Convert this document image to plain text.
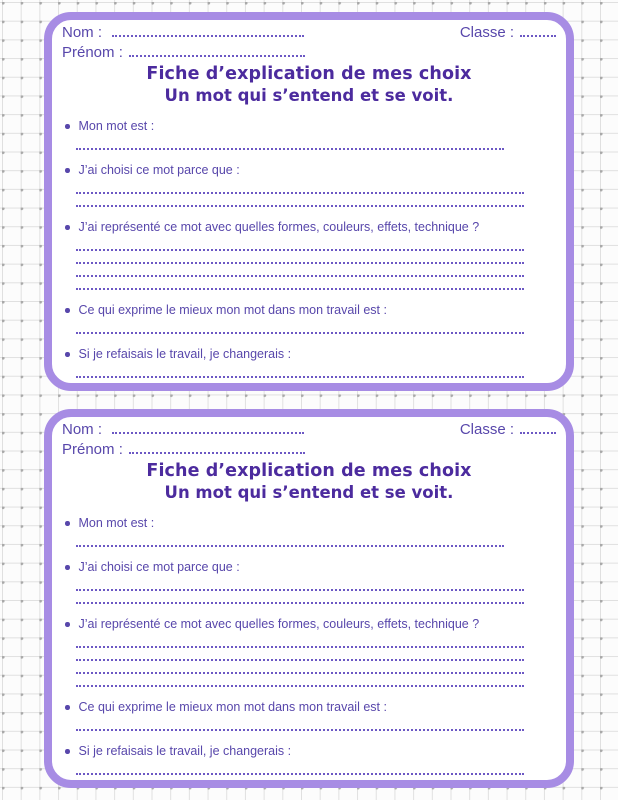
Nom :	Classe :
Prénom :
Fiche d’explication de mes choix
Un mot qui s’entend et se voit.
Mon mot est :
J’ai choisi ce mot parce que :
J’ai représenté ce mot avec quelles formes, couleurs, effets, technique ?
Ce qui exprime le mieux mon mot dans mon travail est :
Si je refaisais le travail, je changerais :
Nom :	Classe :
Prénom :
Fiche d’explication de mes choix
Un mot qui s’entend et se voit.
Mon mot est :
J’ai choisi ce mot parce que :
J’ai représenté ce mot avec quelles formes, couleurs, effets, technique ?
Ce qui exprime le mieux mon mot dans mon travail est :
Si je refaisais le travail, je changerais :
